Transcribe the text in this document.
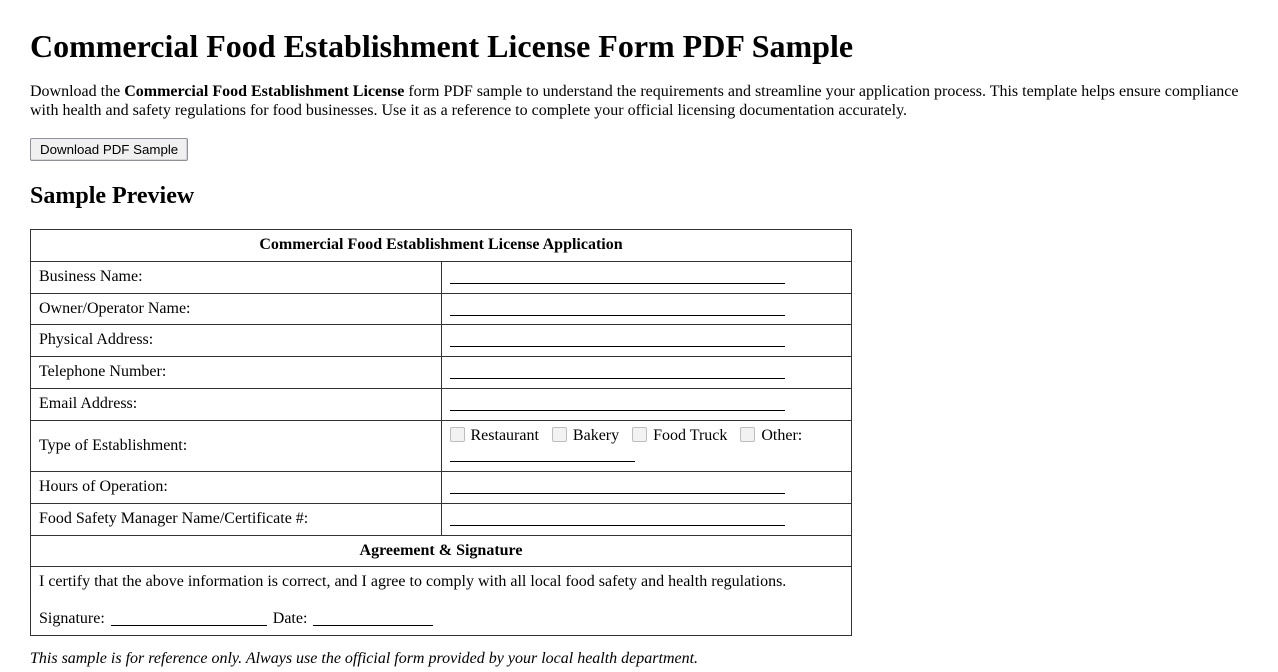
Commercial Food Establishment License Form PDF Sample

Download the Commercial Food Establishment License form PDF sample to understand the requirements and streamline your application process. This template helps ensure compliance with health and safety regulations for food businesses. Use it as a reference to complete your official licensing documentation accurately.

Download PDF Sample
Sample Preview
Commercial Food Establishment License Application	
Business Name:	
Owner/Operator Name:	
Physical Address:	
Telephone Number:	
Email Address:	
Type of Establishment:	Restaurant Bakery Food Truck Other:
Hours of Operation:	
Food Safety Manager Name/Certificate #:	
Agreement & Signature	

I certify that the above information is correct, and I agree to comply with all local food safety and health regulations.

Signature: Date:	

This sample is for reference only. Always use the official form provided by your local health department.
